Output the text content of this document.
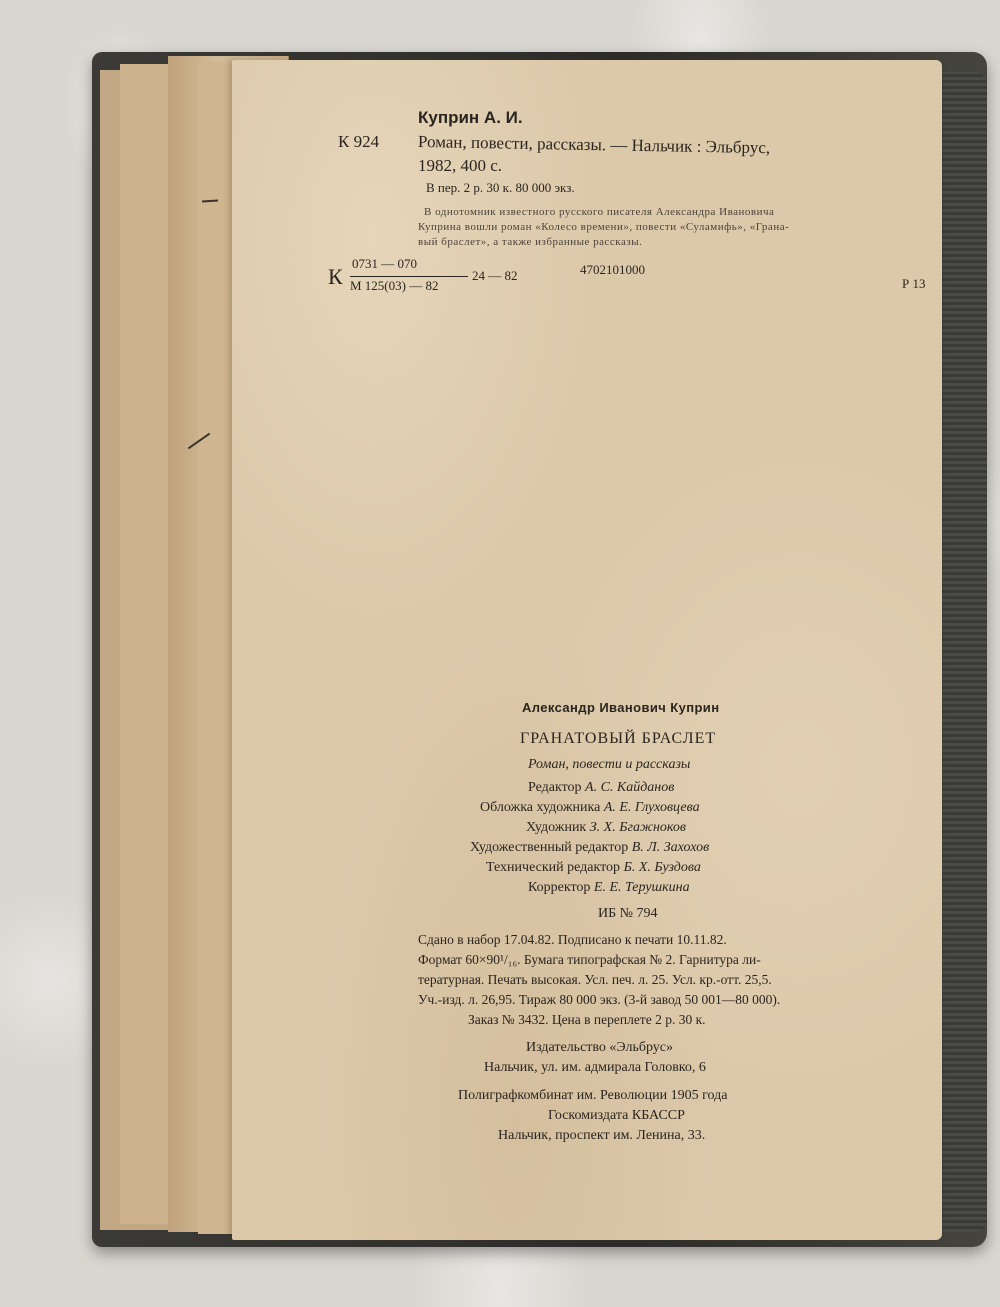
Куприн А. И.
К 924 Роман, повести, рассказы. — Нальчик : Эльбрус,
1982, 400 с.
В пер. 2 р. 30 к. 80 000 экз.
В однотомник известного русского писателя Александра Ивановича
Куприна вошли роман «Колесо времени», повести «Суламифь», «Грана-
вый браслет», а также избранные рассказы.
К
0731 — 070
М 125(03) — 82
24 — 82	4702101000
Р 13
Александр Иванович Куприн
ГРАНАТОВЫЙ БРАСЛЕТ
Роман, повести и рассказы
Редактор А. С. Кайданов
Обложка художника А. Е. Глуховцева
Художник З. Х. Бгажноков
Художественный редактор В. Л. Захохов
Технический редактор Б. Х. Буздова
Корректор Е. Е. Терушкина
ИБ № 794
Сдано в набор 17.04.82. Подписано к печати 10.11.82.
Формат 60×90¹/₁₆. Бумага типографская № 2. Гарнитура ли-
тературная. Печать высокая. Усл. печ. л. 25. Усл. кр.-отт. 25,5.
Уч.-изд. л. 26,95. Тираж 80 000 экз. (3-й завод 50 001—80 000).
Заказ № 3432. Цена в переплете 2 р. 30 к.
Издательство «Эльбрус»
Нальчик, ул. им. адмирала Головко, 6
Полиграфкомбинат им. Революции 1905 года
Госкомиздата КБАССР
Нальчик, проспект им. Ленина, 33.
